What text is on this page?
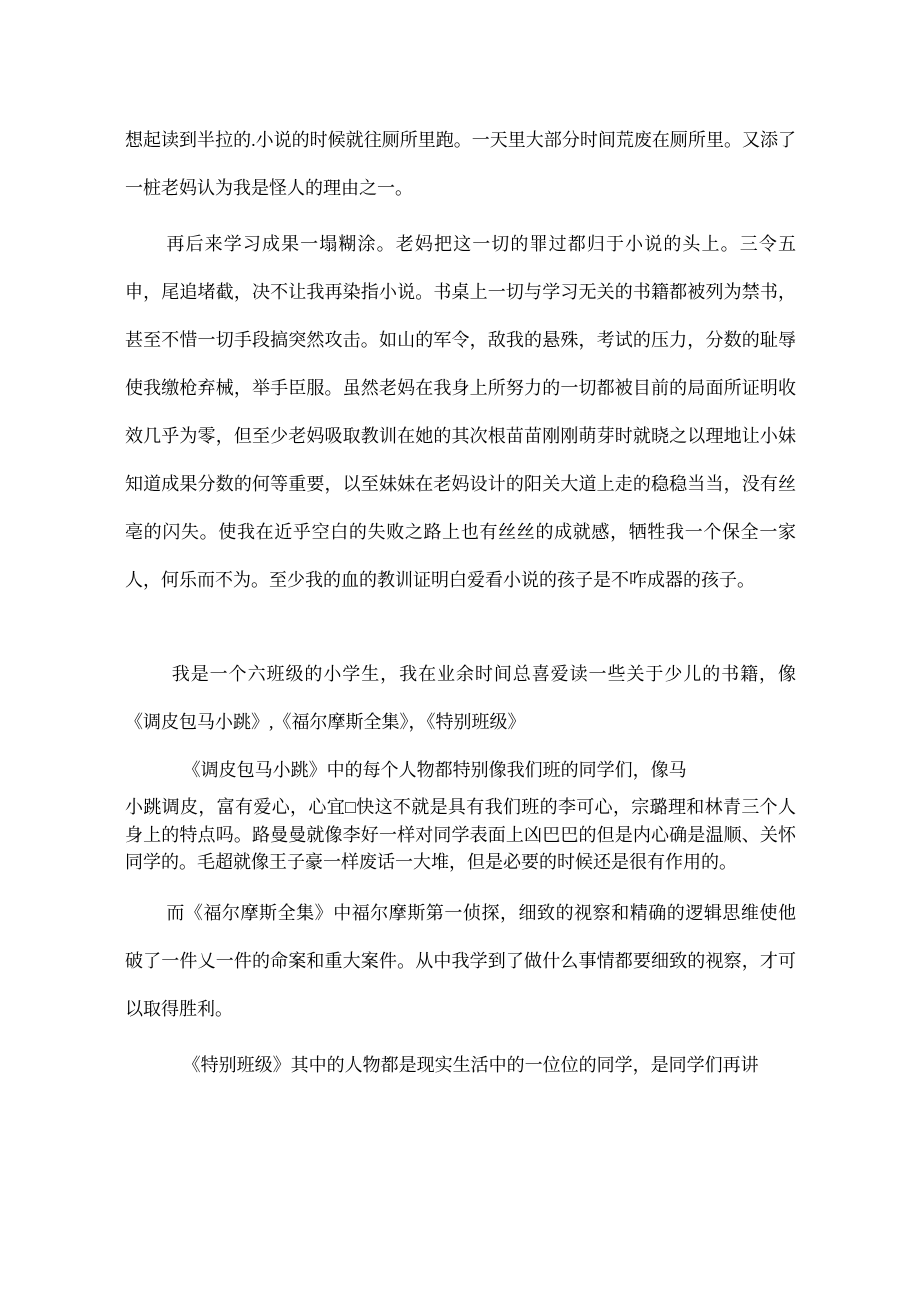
想起读到半拉的.小说的时候就往厕所里跑。一天里大部分时间荒废在厕所里。又添了一桩老妈认为我是怪人的理由之一。

再后来学习成果一塌糊涂。老妈把这一切的罪过都归于小说的头上。三令五申，尾追堵截，决不让我再染指小说。书桌上一切与学习无关的书籍都被列为禁书，甚至不惜一切手段搞突然攻击。如山的军令，敌我的悬殊，考试的压力，分数的耻辱使我缴枪弃械，举手臣服。虽然老妈在我身上所努力的一切都被目前的局面所证明收效几乎为零，但至少老妈吸取教训在她的其次根苗苗刚刚萌芽时就晓之以理地让小妹知道成果分数的何等重要，以至妹妹在老妈设计的阳关大道上走的稳稳当当，没有丝亳的闪失。使我在近乎空白的失败之路上也有丝丝的成就感，牺牲我一个保全一家人，何乐而不为。至少我的血的教训证明白爱看小说的孩子是不咋成器的孩子。

我是一个六班级的小学生，我在业余时间总喜爱读一些关于少儿的书籍，像《调皮包马小跳》,《福尔摩斯全集》，《特别班级》

《调皮包马小跳》中的每个人物都特别像我们班的同学们，像马

小跳调皮，富有爱心，心宜□快这不就是具有我们班的李可心，宗璐理和林青三个人身上的特点吗。路曼曼就像李好一样对同学表面上凶巴巴的但是内心确是温顺、关怀同学的。毛超就像王子豪一样废话一大堆，但是必要的时候还是很有作用的。

而《福尔摩斯全集》中福尔摩斯第一侦探，细致的视察和精确的逻辑思维使他破了一件乂一件的命案和重大案件。从中我学到了做什么事情都要细致的视察，才可以取得胜利。

《特别班级》其中的人物都是现实生活中的一位位的同学，是同学们再讲
